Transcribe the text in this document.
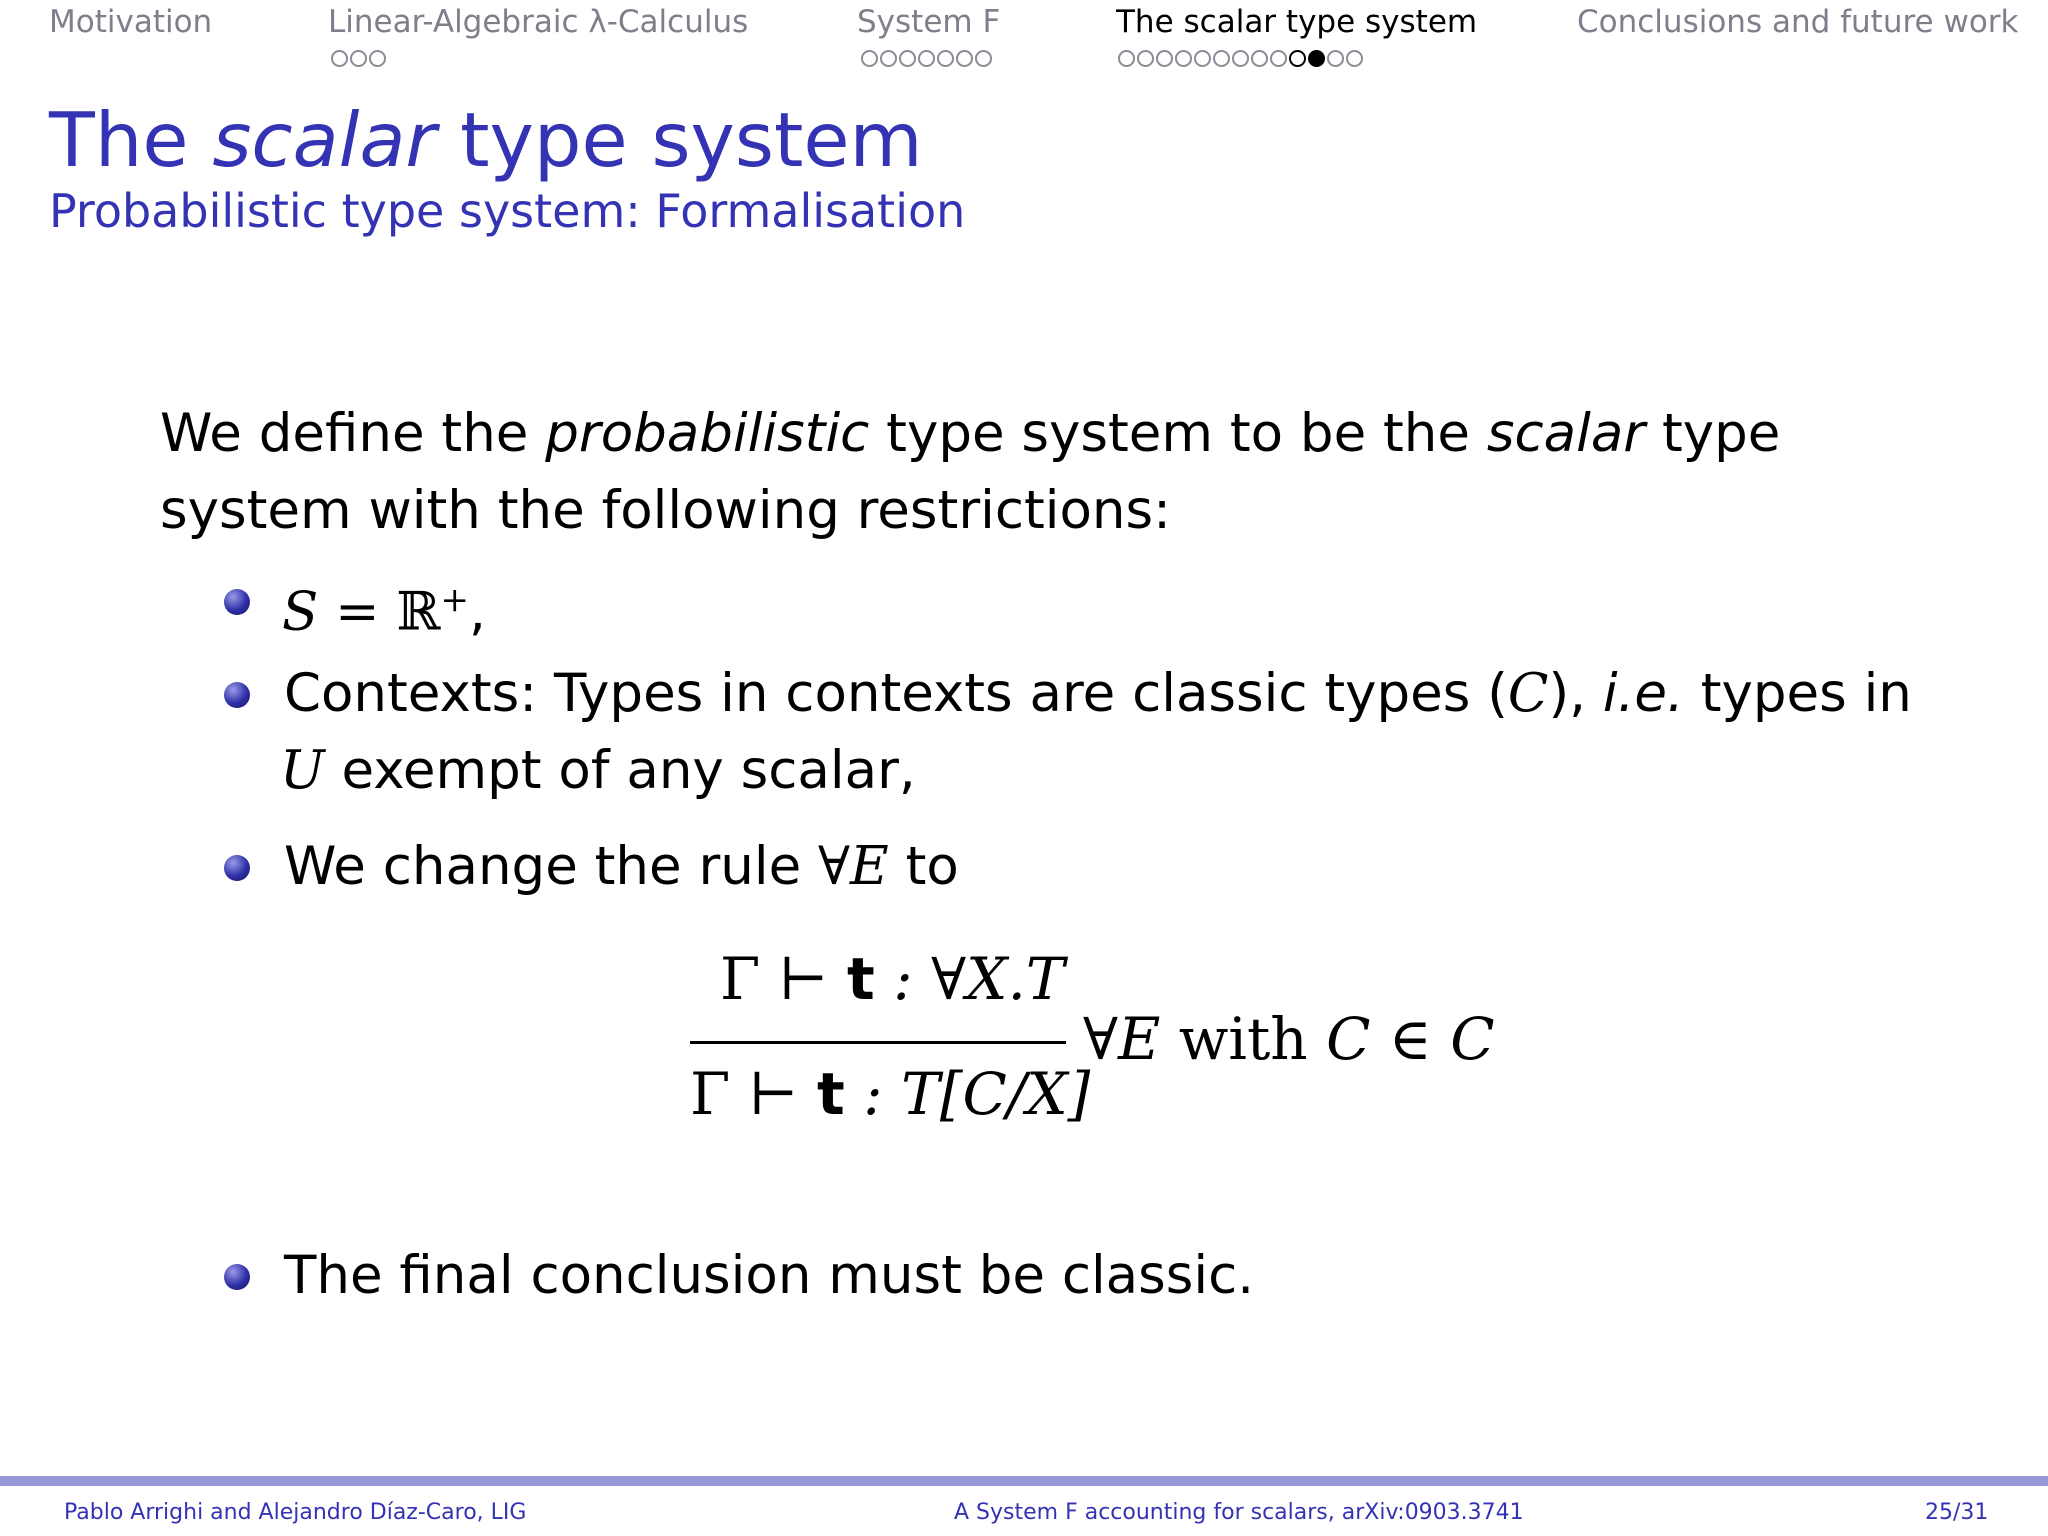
Motivation	Linear-Algebraic λ-Calculus	System F	The scalar type system	Conclusions and future work
The scalar type system
Probabilistic type system: Formalisation
We define the probabilistic type system to be the scalar type system with the following restrictions:
S = ℝ+,
Contexts: Types in contexts are classic types (C), i.e. types in
U exempt of any scalar,
We change the rule ∀E to
Γ ⊢ t : ∀X.T
Γ ⊢ t : T[C/X]
∀E with C ∈ C
The final conclusion must be classic.
Pablo Arrighi and Alejandro Díaz-Caro, LIG	A System F accounting for scalars, arXiv:0903.3741	25/31
